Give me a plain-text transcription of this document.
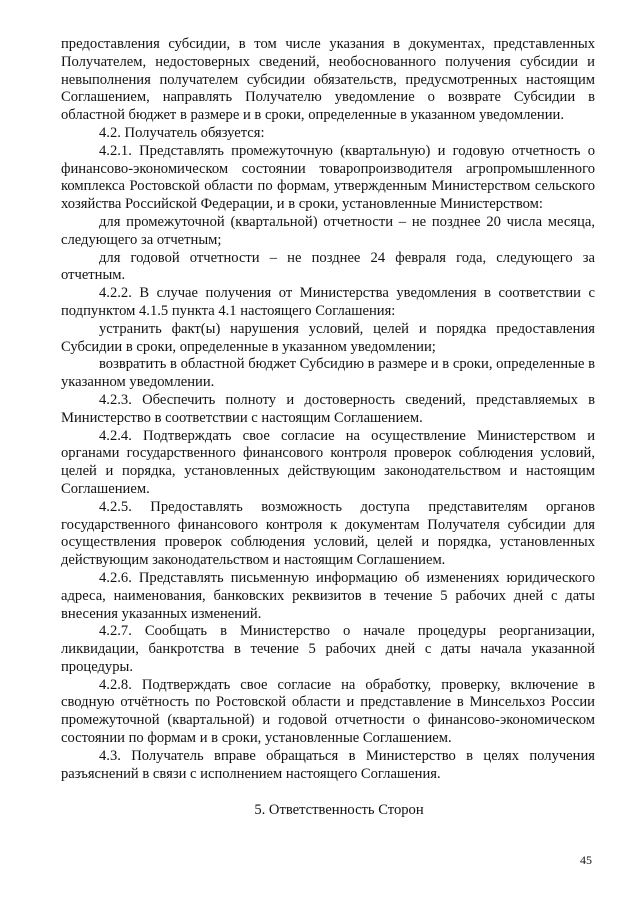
предоставления субсидии, в том числе указания в документах, представленных Получателем, недостоверных сведений, необоснованного получения субсидии и невыполнения получателем субсидии обязательств, предусмотренных настоящим Соглашением, направлять Получателю уведомление о возврате Субсидии в областной бюджет в размере и в сроки, определенные в указанном уведомлении.

4.2. Получатель обязуется:

4.2.1. Представлять промежуточную (квартальную) и годовую отчетность о финансово-экономическом состоянии товаропроизводителя агропромышленного комплекса Ростовской области по формам, утвержденным Министерством сельского хозяйства Российской Федерации, и в сроки, установленные Министерством:

для промежуточной (квартальной) отчетности – не позднее 20 числа месяца, следующего за отчетным;

для годовой отчетности – не позднее 24 февраля года, следующего за отчетным.

4.2.2. В случае получения от Министерства уведомления в соответствии с подпунктом 4.1.5 пункта 4.1 настоящего Соглашения:

устранить факт(ы) нарушения условий, целей и порядка предоставления Субсидии в сроки, определенные в указанном уведомлении;

возвратить в областной бюджет Субсидию в размере и в сроки, определенные в указанном уведомлении.

4.2.3. Обеспечить полноту и достоверность сведений, представляемых в Министерство в соответствии с настоящим Соглашением.

4.2.4. Подтверждать свое согласие на осуществление Министерством и органами государственного финансового контроля проверок соблюдения условий, целей и порядка, установленных действующим законодательством и настоящим Соглашением.

4.2.5. Предоставлять возможность доступа представителям органов государственного финансового контроля к документам Получателя субсидии для осуществления проверок соблюдения условий, целей и порядка, установленных действующим законодательством и настоящим Соглашением.

4.2.6. Представлять письменную информацию об изменениях юридического адреса, наименования, банковских реквизитов в течение 5 рабочих дней с даты внесения указанных изменений.

4.2.7. Сообщать в Министерство о начале процедуры реорганизации, ликвидации, банкротства в течение 5 рабочих дней с даты начала указанной процедуры.

4.2.8. Подтверждать свое согласие на обработку, проверку, включение в сводную отчётность по Ростовской области и представление в Минсельхоз России промежуточной (квартальной) и годовой отчетности о финансово-экономическом состоянии по формам и в сроки, установленные Соглашением.

4.3. Получатель вправе обращаться в Министерство в целях получения разъяснений в связи с исполнением настоящего Соглашения.

5. Ответственность Сторон
45
